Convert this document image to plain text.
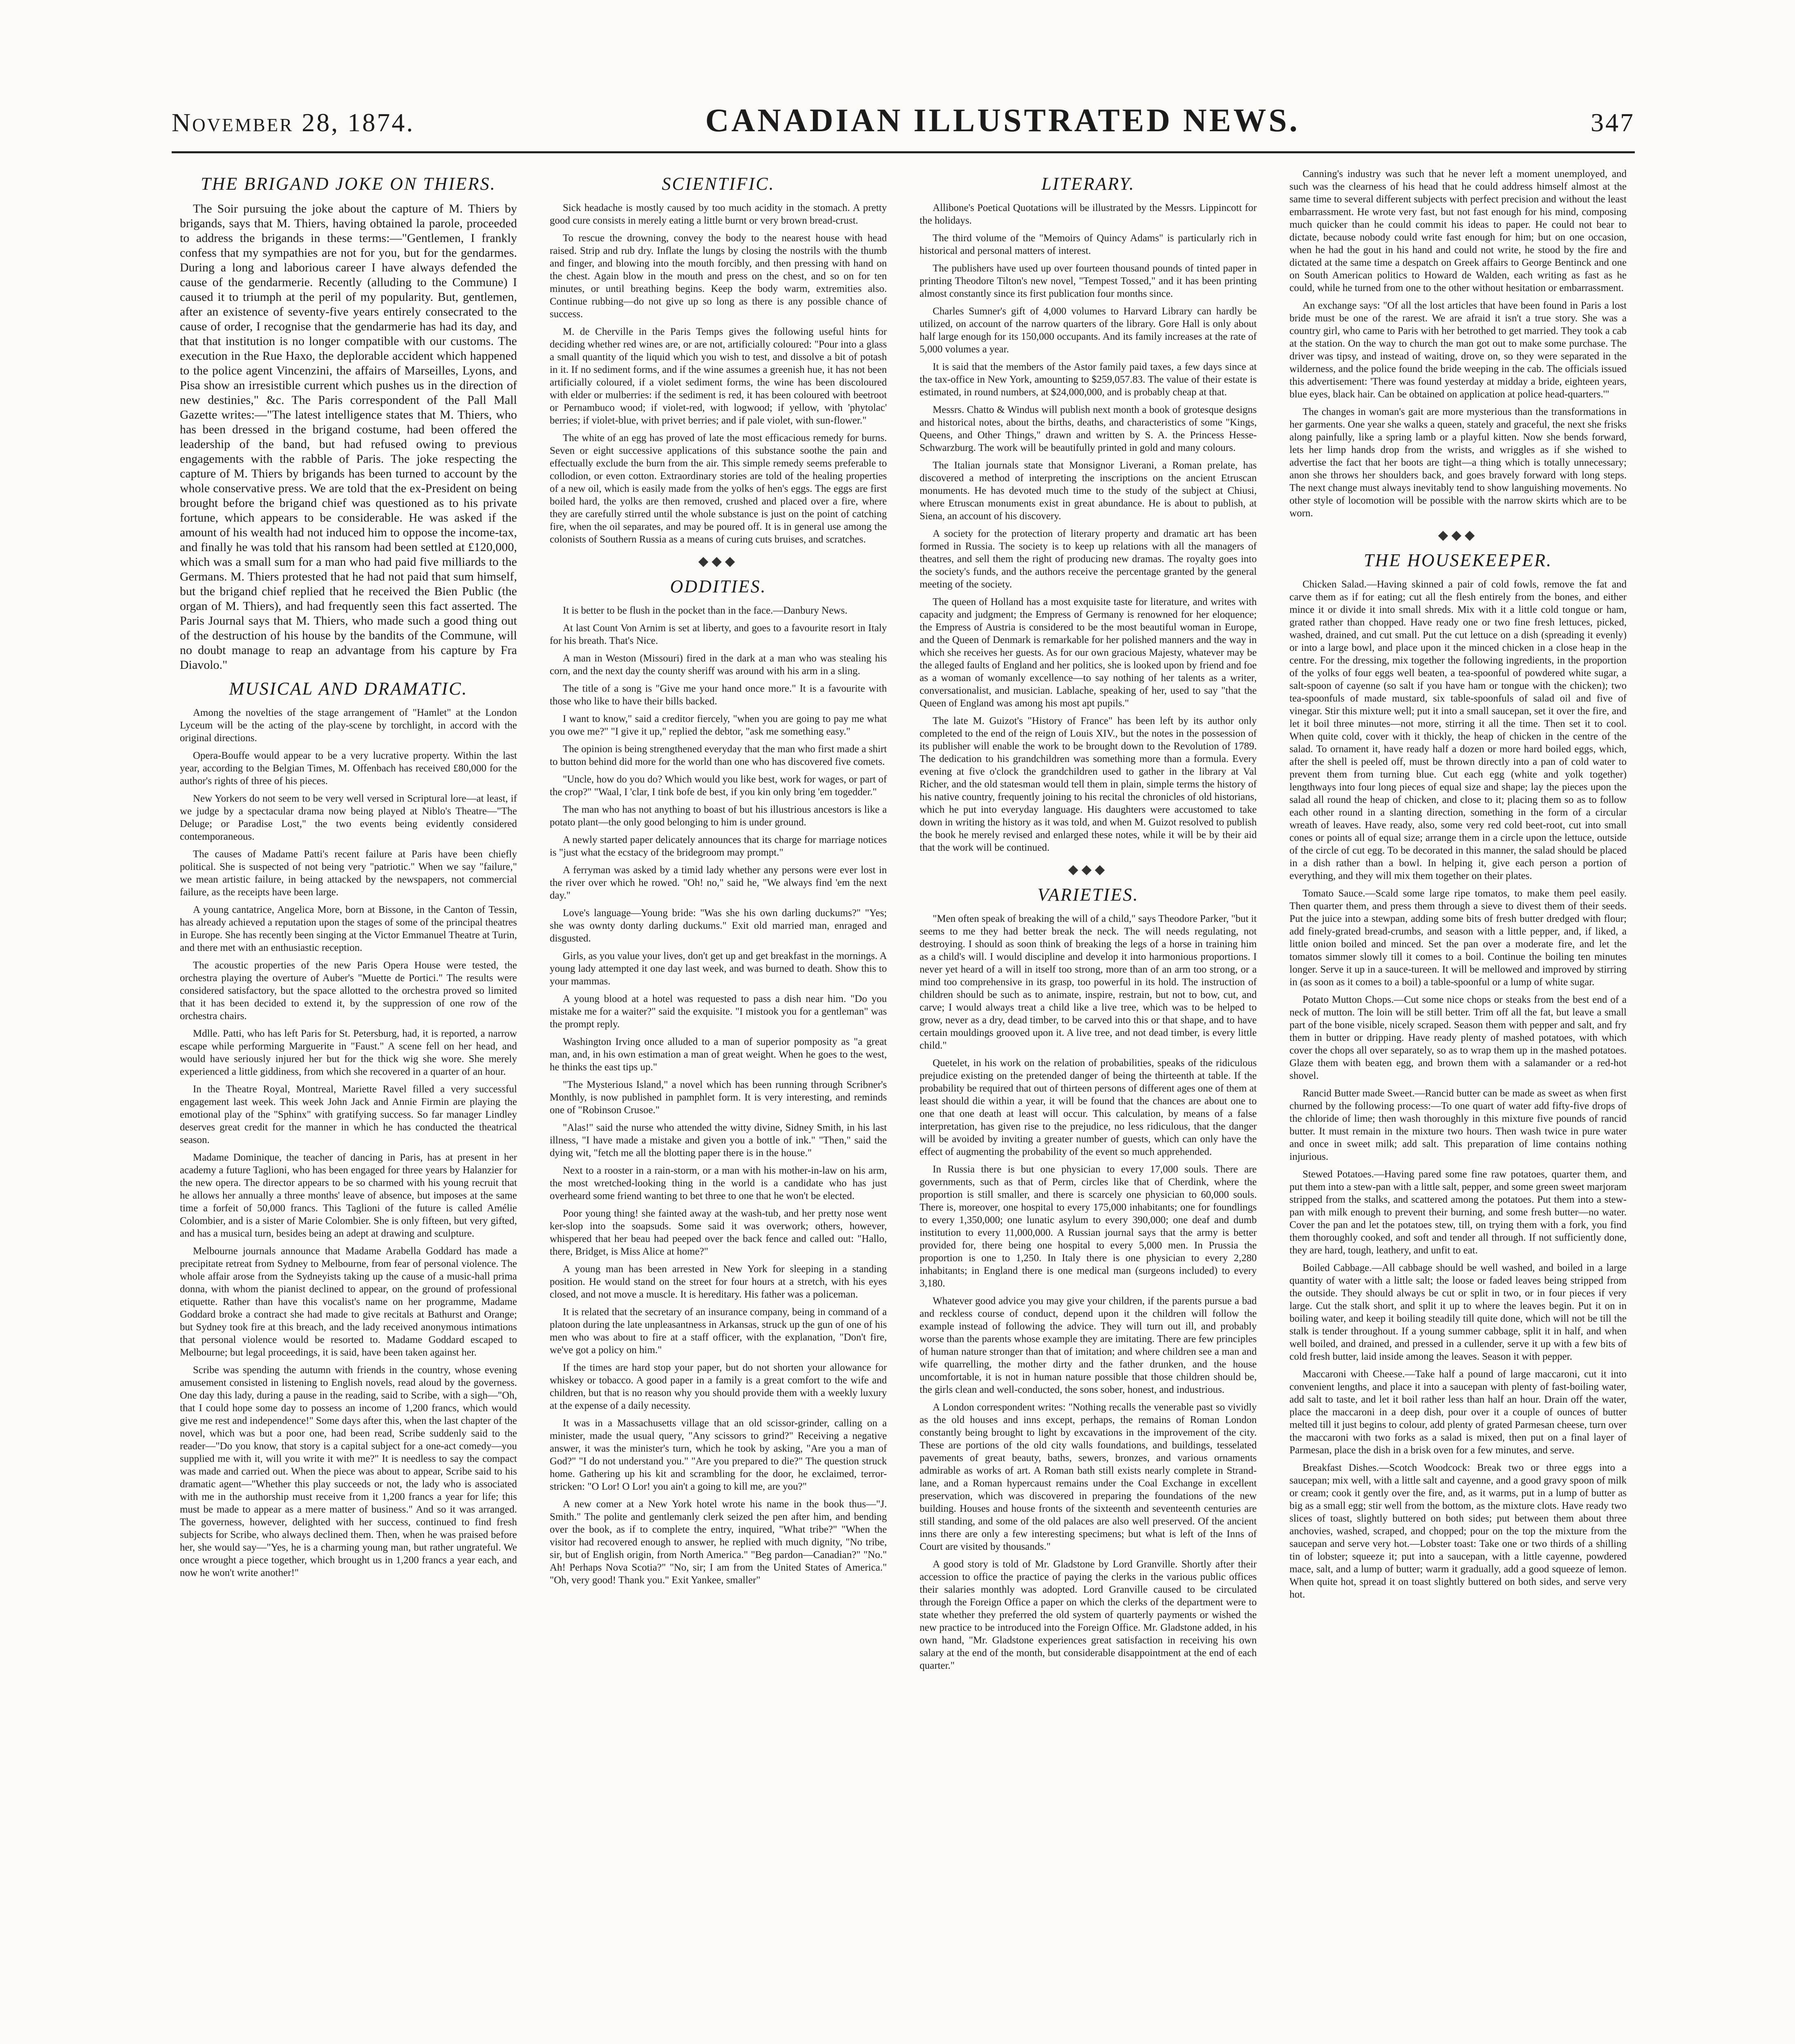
November 28, 1874.	CANADIAN ILLUSTRATED NEWS.	347
THE BRIGAND JOKE ON THIERS.

The Soir pursuing the joke about the capture of M. Thiers by brigands, says that M. Thiers, having obtained la parole, proceeded to address the brigands in these terms:—"Gentlemen, I frankly confess that my sympathies are not for you, but for the gendarmes. During a long and laborious career I have always defended the cause of the gendarmerie. Recently (alluding to the Commune) I caused it to triumph at the peril of my popularity. But, gentlemen, after an existence of seventy-five years entirely consecrated to the cause of order, I recognise that the gendarmerie has had its day, and that that institution is no longer compatible with our customs. The execution in the Rue Haxo, the deplorable accident which happened to the police agent Vincenzini, the affairs of Marseilles, Lyons, and Pisa show an irresistible current which pushes us in the direction of new destinies," &c. The Paris correspondent of the Pall Mall Gazette writes:—"The latest intelligence states that M. Thiers, who has been dressed in the brigand costume, had been offered the leadership of the band, but had refused owing to previous engagements with the rabble of Paris. The joke respecting the capture of M. Thiers by brigands has been turned to account by the whole conservative press. We are told that the ex-President on being brought before the brigand chief was questioned as to his private fortune, which appears to be considerable. He was asked if the amount of his wealth had not induced him to oppose the income-tax, and finally he was told that his ransom had been settled at £120,000, which was a small sum for a man who had paid five milliards to the Germans. M. Thiers protested that he had not paid that sum himself, but the brigand chief replied that he received the Bien Public (the organ of M. Thiers), and had frequently seen this fact asserted. The Paris Journal says that M. Thiers, who made such a good thing out of the destruction of his house by the bandits of the Commune, will no doubt manage to reap an advantage from his capture by Fra Diavolo."

MUSICAL AND DRAMATIC.

Among the novelties of the stage arrangement of "Hamlet" at the London Lyceum will be the acting of the play-scene by torchlight, in accord with the original directions.

Opera-Bouffe would appear to be a very lucrative property. Within the last year, according to the Belgian Times, M. Offenbach has received £80,000 for the author's rights of three of his pieces.

New Yorkers do not seem to be very well versed in Scriptural lore—at least, if we judge by a spectacular drama now being played at Niblo's Theatre—"The Deluge; or Paradise Lost," the two events being evidently considered contemporaneous.

The causes of Madame Patti's recent failure at Paris have been chiefly political. She is suspected of not being very "patriotic." When we say "failure," we mean artistic failure, in being attacked by the newspapers, not commercial failure, as the receipts have been large.

A young cantatrice, Angelica More, born at Bissone, in the Canton of Tessin, has already achieved a reputation upon the stages of some of the principal theatres in Europe. She has recently been singing at the Victor Emmanuel Theatre at Turin, and there met with an enthusiastic reception.

The acoustic properties of the new Paris Opera House were tested, the orchestra playing the overture of Auber's "Muette de Portici." The results were considered satisfactory, but the space allotted to the orchestra proved so limited that it has been decided to extend it, by the suppression of one row of the orchestra chairs.

Mdlle. Patti, who has left Paris for St. Petersburg, had, it is reported, a narrow escape while performing Marguerite in "Faust." A scene fell on her head, and would have seriously injured her but for the thick wig she wore. She merely experienced a little giddiness, from which she recovered in a quarter of an hour.

In the Theatre Royal, Montreal, Mariette Ravel filled a very successful engagement last week. This week John Jack and Annie Firmin are playing the emotional play of the "Sphinx" with gratifying success. So far manager Lindley deserves great credit for the manner in which he has conducted the theatrical season.

Madame Dominique, the teacher of dancing in Paris, has at present in her academy a future Taglioni, who has been engaged for three years by Halanzier for the new opera. The director appears to be so charmed with his young recruit that he allows her annually a three months' leave of absence, but imposes at the same time a forfeit of 50,000 francs. This Taglioni of the future is called Amélie Colombier, and is a sister of Marie Colombier. She is only fifteen, but very gifted, and has a musical turn, besides being an adept at drawing and sculpture.

Melbourne journals announce that Madame Arabella Goddard has made a precipitate retreat from Sydney to Melbourne, from fear of personal violence. The whole affair arose from the Sydneyists taking up the cause of a music-hall prima donna, with whom the pianist declined to appear, on the ground of professional etiquette. Rather than have this vocalist's name on her programme, Madame Goddard broke a contract she had made to give recitals at Bathurst and Orange; but Sydney took fire at this breach, and the lady received anonymous intimations that personal violence would be resorted to. Madame Goddard escaped to Melbourne; but legal proceedings, it is said, have been taken against her.

Scribe was spending the autumn with friends in the country, whose evening amusement consisted in listening to English novels, read aloud by the governess. One day this lady, during a pause in the reading, said to Scribe, with a sigh—"Oh, that I could hope some day to possess an income of 1,200 francs, which would give me rest and independence!" Some days after this, when the last chapter of the novel, which was but a poor one, had been read, Scribe suddenly said to the reader—"Do you know, that story is a capital subject for a one-act comedy—you supplied me with it, will you write it with me?" It is needless to say the compact was made and carried out. When the piece was about to appear, Scribe said to his dramatic agent—"Whether this play succeeds or not, the lady who is associated with me in the authorship must receive from it 1,200 francs a year for life; this must be made to appear as a mere matter of business." And so it was arranged. The governess, however, delighted with her success, continued to find fresh subjects for Scribe, who always declined them. Then, when he was praised before her, she would say—"Yes, he is a charming young man, but rather ungrateful. We once wrought a piece together, which brought us in 1,200 francs a year each, and now he won't write another!"

SCIENTIFIC.

Sick headache is mostly caused by too much acidity in the stomach. A pretty good cure consists in merely eating a little burnt or very brown bread-crust.

To rescue the drowning, convey the body to the nearest house with head raised. Strip and rub dry. Inflate the lungs by closing the nostrils with the thumb and finger, and blowing into the mouth forcibly, and then pressing with hand on the chest. Again blow in the mouth and press on the chest, and so on for ten minutes, or until breathing begins. Keep the body warm, extremities also. Continue rubbing—do not give up so long as there is any possible chance of success.

M. de Cherville in the Paris Temps gives the following useful hints for deciding whether red wines are, or are not, artificially coloured: "Pour into a glass a small quantity of the liquid which you wish to test, and dissolve a bit of potash in it. If no sediment forms, and if the wine assumes a greenish hue, it has not been artificially coloured, if a violet sediment forms, the wine has been discoloured with elder or mulberries: if the sediment is red, it has been coloured with beetroot or Pernambuco wood; if violet-red, with logwood; if yellow, with 'phytolac' berries; if violet-blue, with privet berries; and if pale violet, with sun-flower."

The white of an egg has proved of late the most efficacious remedy for burns. Seven or eight successive applications of this substance soothe the pain and effectually exclude the burn from the air. This simple remedy seems preferable to collodion, or even cotton. Extraordinary stories are told of the healing properties of a new oil, which is easily made from the yolks of hen's eggs. The eggs are first boiled hard, the yolks are then removed, crushed and placed over a fire, where they are carefully stirred until the whole substance is just on the point of catching fire, when the oil separates, and may be poured off. It is in general use among the colonists of Southern Russia as a means of curing cuts bruises, and scratches.

◆◆◆
ODDITIES.

It is better to be flush in the pocket than in the face.—Danbury News.

At last Count Von Arnim is set at liberty, and goes to a favourite resort in Italy for his breath. That's Nice.

A man in Weston (Missouri) fired in the dark at a man who was stealing his corn, and the next day the county sheriff was around with his arm in a sling.

The title of a song is "Give me your hand once more." It is a favourite with those who like to have their bills backed.

I want to know," said a creditor fiercely, "when you are going to pay me what you owe me?" "I give it up," replied the debtor, "ask me something easy."

The opinion is being strengthened everyday that the man who first made a shirt to button behind did more for the world than one who has discovered five comets.

"Uncle, how do you do? Which would you like best, work for wages, or part of the crop?" "Waal, I 'clar, I tink bofe de best, if you kin only bring 'em togedder."

The man who has not anything to boast of but his illustrious ancestors is like a potato plant—the only good belonging to him is under ground.

A newly started paper delicately announces that its charge for marriage notices is "just what the ecstacy of the bridegroom may prompt."

A ferryman was asked by a timid lady whether any persons were ever lost in the river over which he rowed. "Oh! no," said he, "We always find 'em the next day."

Love's language—Young bride: "Was she his own darling duckums?" "Yes; she was ownty donty darling duckums." Exit old married man, enraged and disgusted.

Girls, as you value your lives, don't get up and get breakfast in the mornings. A young lady attempted it one day last week, and was burned to death. Show this to your mammas.

A young blood at a hotel was requested to pass a dish near him. "Do you mistake me for a waiter?" said the exquisite. "I mistook you for a gentleman" was the prompt reply.

Washington Irving once alluded to a man of superior pomposity as "a great man, and, in his own estimation a man of great weight. When he goes to the west, he thinks the east tips up."

"The Mysterious Island," a novel which has been running through Scribner's Monthly, is now published in pamphlet form. It is very interesting, and reminds one of "Robinson Crusoe."

"Alas!" said the nurse who attended the witty divine, Sidney Smith, in his last illness, "I have made a mistake and given you a bottle of ink." "Then," said the dying wit, "fetch me all the blotting paper there is in the house."

Next to a rooster in a rain-storm, or a man with his mother-in-law on his arm, the most wretched-looking thing in the world is a candidate who has just overheard some friend wanting to bet three to one that he won't be elected.

Poor young thing! she fainted away at the wash-tub, and her pretty nose went ker-slop into the soapsuds. Some said it was overwork; others, however, whispered that her beau had peeped over the back fence and called out: "Hallo, there, Bridget, is Miss Alice at home?"

A young man has been arrested in New York for sleeping in a standing position. He would stand on the street for four hours at a stretch, with his eyes closed, and not move a muscle. It is hereditary. His father was a policeman.

It is related that the secretary of an insurance company, being in command of a platoon during the late unpleasantness in Arkansas, struck up the gun of one of his men who was about to fire at a staff officer, with the explanation, "Don't fire, we've got a policy on him."

If the times are hard stop your paper, but do not shorten your allowance for whiskey or tobacco. A good paper in a family is a great comfort to the wife and children, but that is no reason why you should provide them with a weekly luxury at the expense of a daily necessity.

It was in a Massachusetts village that an old scissor-grinder, calling on a minister, made the usual query, "Any scissors to grind?" Receiving a negative answer, it was the minister's turn, which he took by asking, "Are you a man of God?" "I do not understand you." "Are you prepared to die?" The question struck home. Gathering up his kit and scrambling for the door, he exclaimed, terror-stricken: "O Lor! O Lor! you ain't a going to kill me, are you?"

A new comer at a New York hotel wrote his name in the book thus—"J. Smith." The polite and gentlemanly clerk seized the pen after him, and bending over the book, as if to complete the entry, inquired, "What tribe?" "When the visitor had recovered enough to answer, he replied with much dignity, "No tribe, sir, but of English origin, from North America." "Beg pardon—Canadian?" "No." Ah! Perhaps Nova Scotia?" "No, sir; I am from the United States of America." "Oh, very good! Thank you." Exit Yankee, smaller"

LITERARY.

Allibone's Poetical Quotations will be illustrated by the Messrs. Lippincott for the holidays.

The third volume of the "Memoirs of Quincy Adams" is particularly rich in historical and personal matters of interest.

The publishers have used up over fourteen thousand pounds of tinted paper in printing Theodore Tilton's new novel, "Tempest Tossed," and it has been printing almost constantly since its first publication four months since.

Charles Sumner's gift of 4,000 volumes to Harvard Library can hardly be utilized, on account of the narrow quarters of the library. Gore Hall is only about half large enough for its 150,000 occupants. And its family increases at the rate of 5,000 volumes a year.

It is said that the members of the Astor family paid taxes, a few days since at the tax-office in New York, amounting to $259,057.83. The value of their estate is estimated, in round numbers, at $24,000,000, and is probably cheap at that.

Messrs. Chatto & Windus will publish next month a book of grotesque designs and historical notes, about the births, deaths, and characteristics of some "Kings, Queens, and Other Things," drawn and written by S. A. the Princess Hesse-Schwarzburg. The work will be beautifully printed in gold and many colours.

The Italian journals state that Monsignor Liverani, a Roman prelate, has discovered a method of interpreting the inscriptions on the ancient Etruscan monuments. He has devoted much time to the study of the subject at Chiusi, where Etruscan monuments exist in great abundance. He is about to publish, at Siena, an account of his discovery.

A society for the protection of literary property and dramatic art has been formed in Russia. The society is to keep up relations with all the managers of theatres, and sell them the right of producing new dramas. The royalty goes into the society's funds, and the authors receive the percentage granted by the general meeting of the society.

The queen of Holland has a most exquisite taste for literature, and writes with capacity and judgment; the Empress of Germany is renowned for her eloquence; the Empress of Austria is considered to be the most beautiful woman in Europe, and the Queen of Denmark is remarkable for her polished manners and the way in which she receives her guests. As for our own gracious Majesty, whatever may be the alleged faults of England and her politics, she is looked upon by friend and foe as a woman of womanly excellence—to say nothing of her talents as a writer, conversationalist, and musician. Lablache, speaking of her, used to say "that the Queen of England was among his most apt pupils."

The late M. Guizot's "History of France" has been left by its author only completed to the end of the reign of Louis XIV., but the notes in the possession of its publisher will enable the work to be brought down to the Revolution of 1789. The dedication to his grandchildren was something more than a formula. Every evening at five o'clock the grandchildren used to gather in the library at Val Richer, and the old statesman would tell them in plain, simple terms the history of his native country, frequently joining to his recital the chronicles of old historians, which he put into everyday language. His daughters were accustomed to take down in writing the history as it was told, and when M. Guizot resolved to publish the book he merely revised and enlarged these notes, while it will be by their aid that the work will be continued.

◆◆◆
VARIETIES.

"Men often speak of breaking the will of a child," says Theodore Parker, "but it seems to me they had better break the neck. The will needs regulating, not destroying. I should as soon think of breaking the legs of a horse in training him as a child's will. I would discipline and develop it into harmonious proportions. I never yet heard of a will in itself too strong, more than of an arm too strong, or a mind too comprehensive in its grasp, too powerful in its hold. The instruction of children should be such as to animate, inspire, restrain, but not to bow, cut, and carve; I would always treat a child like a live tree, which was to be helped to grow, never as a dry, dead timber, to be carved into this or that shape, and to have certain mouldings grooved upon it. A live tree, and not dead timber, is every little child."

Quetelet, in his work on the relation of probabilities, speaks of the ridiculous prejudice existing on the pretended danger of being the thirteenth at table. If the probability be required that out of thirteen persons of different ages one of them at least should die within a year, it will be found that the chances are about one to one that one death at least will occur. This calculation, by means of a false interpretation, has given rise to the prejudice, no less ridiculous, that the danger will be avoided by inviting a greater number of guests, which can only have the effect of augmenting the probability of the event so much apprehended.

In Russia there is but one physician to every 17,000 souls. There are governments, such as that of Perm, circles like that of Cherdink, where the proportion is still smaller, and there is scarcely one physician to 60,000 souls. There is, moreover, one hospital to every 175,000 inhabitants; one for foundlings to every 1,350,000; one lunatic asylum to every 390,000; one deaf and dumb institution to every 11,000,000. A Russian journal says that the army is better provided for, there being one hospital to every 5,000 men. In Prussia the proportion is one to 1,250. In Italy there is one physician to every 2,280 inhabitants; in England there is one medical man (surgeons included) to every 3,180.

Whatever good advice you may give your children, if the parents pursue a bad and reckless course of conduct, depend upon it the children will follow the example instead of following the advice. They will turn out ill, and probably worse than the parents whose example they are imitating. There are few principles of human nature stronger than that of imitation; and where children see a man and wife quarrelling, the mother dirty and the father drunken, and the house uncomfortable, it is not in human nature possible that those children should be, the girls clean and well-conducted, the sons sober, honest, and industrious.

A London correspondent writes: "Nothing recalls the venerable past so vividly as the old houses and inns except, perhaps, the remains of Roman London constantly being brought to light by excavations in the improvement of the city. These are portions of the old city walls foundations, and buildings, tesselated pavements of great beauty, baths, sewers, bronzes, and various ornaments admirable as works of art. A Roman bath still exists nearly complete in Strand-lane, and a Roman hypercaust remains under the Coal Exchange in excellent preservation, which was discovered in preparing the foundations of the new building. Houses and house fronts of the sixteenth and seventeenth centuries are still standing, and some of the old palaces are also well preserved. Of the ancient inns there are only a few interesting specimens; but what is left of the Inns of Court are visited by thousands."

A good story is told of Mr. Gladstone by Lord Granville. Shortly after their accession to office the practice of paying the clerks in the various public offices their salaries monthly was adopted. Lord Granville caused to be circulated through the Foreign Office a paper on which the clerks of the department were to state whether they preferred the old system of quarterly payments or wished the new practice to be introduced into the Foreign Office. Mr. Gladstone added, in his own hand, "Mr. Gladstone experiences great satisfaction in receiving his own salary at the end of the month, but considerable disappointment at the end of each quarter."

Canning's industry was such that he never left a moment unemployed, and such was the clearness of his head that he could address himself almost at the same time to several different subjects with perfect precision and without the least embarrassment. He wrote very fast, but not fast enough for his mind, composing much quicker than he could commit his ideas to paper. He could not bear to dictate, because nobody could write fast enough for him; but on one occasion, when he had the gout in his hand and could not write, he stood by the fire and dictated at the same time a despatch on Greek affairs to George Bentinck and one on South American politics to Howard de Walden, each writing as fast as he could, while he turned from one to the other without hesitation or embarrassment.

An exchange says: "Of all the lost articles that have been found in Paris a lost bride must be one of the rarest. We are afraid it isn't a true story. She was a country girl, who came to Paris with her betrothed to get married. They took a cab at the station. On the way to church the man got out to make some purchase. The driver was tipsy, and instead of waiting, drove on, so they were separated in the wilderness, and the police found the bride weeping in the cab. The officials issued this advertisement: 'There was found yesterday at midday a bride, eighteen years, blue eyes, black hair. Can be obtained on application at police head-quarters.'"

The changes in woman's gait are more mysterious than the transformations in her garments. One year she walks a queen, stately and graceful, the next she frisks along painfully, like a spring lamb or a playful kitten. Now she bends forward, lets her limp hands drop from the wrists, and wriggles as if she wished to advertise the fact that her boots are tight—a thing which is totally unnecessary; anon she throws her shoulders back, and goes bravely forward with long steps. The next change must always inevitably tend to show languishing movements. No other style of locomotion will be possible with the narrow skirts which are to be worn.

◆◆◆
THE HOUSEKEEPER.

Chicken Salad.—Having skinned a pair of cold fowls, remove the fat and carve them as if for eating; cut all the flesh entirely from the bones, and either mince it or divide it into small shreds. Mix with it a little cold tongue or ham, grated rather than chopped. Have ready one or two fine fresh lettuces, picked, washed, drained, and cut small. Put the cut lettuce on a dish (spreading it evenly) or into a large bowl, and place upon it the minced chicken in a close heap in the centre. For the dressing, mix together the following ingredients, in the proportion of the yolks of four eggs well beaten, a tea-spoonful of powdered white sugar, a salt-spoon of cayenne (so salt if you have ham or tongue with the chicken); two tea-spoonfuls of made mustard, six table-spoonfuls of salad oil and five of vinegar. Stir this mixture well; put it into a small saucepan, set it over the fire, and let it boil three minutes—not more, stirring it all the time. Then set it to cool. When quite cold, cover with it thickly, the heap of chicken in the centre of the salad. To ornament it, have ready half a dozen or more hard boiled eggs, which, after the shell is peeled off, must be thrown directly into a pan of cold water to prevent them from turning blue. Cut each egg (white and yolk together) lengthways into four long pieces of equal size and shape; lay the pieces upon the salad all round the heap of chicken, and close to it; placing them so as to follow each other round in a slanting direction, something in the form of a circular wreath of leaves. Have ready, also, some very red cold beet-root, cut into small cones or points all of equal size; arrange them in a circle upon the lettuce, outside of the circle of cut egg. To be decorated in this manner, the salad should be placed in a dish rather than a bowl. In helping it, give each person a portion of everything, and they will mix them together on their plates.

Tomato Sauce.—Scald some large ripe tomatos, to make them peel easily. Then quarter them, and press them through a sieve to divest them of their seeds. Put the juice into a stewpan, adding some bits of fresh butter dredged with flour; add finely-grated bread-crumbs, and season with a little pepper, and, if liked, a little onion boiled and minced. Set the pan over a moderate fire, and let the tomatos simmer slowly till it comes to a boil. Continue the boiling ten minutes longer. Serve it up in a sauce-tureen. It will be mellowed and improved by stirring in (as soon as it comes to a boil) a table-spoonful or a lump of white sugar.

Potato Mutton Chops.—Cut some nice chops or steaks from the best end of a neck of mutton. The loin will be still better. Trim off all the fat, but leave a small part of the bone visible, nicely scraped. Season them with pepper and salt, and fry them in butter or dripping. Have ready plenty of mashed potatoes, with which cover the chops all over separately, so as to wrap them up in the mashed potatoes. Glaze them with beaten egg, and brown them with a salamander or a red-hot shovel.

Rancid Butter made Sweet.—Rancid butter can be made as sweet as when first churned by the following process:—To one quart of water add fifty-five drops of the chloride of lime; then wash thoroughly in this mixture five pounds of rancid butter. It must remain in the mixture two hours. Then wash twice in pure water and once in sweet milk; add salt. This preparation of lime contains nothing injurious.

Stewed Potatoes.—Having pared some fine raw potatoes, quarter them, and put them into a stew-pan with a little salt, pepper, and some green sweet marjoram stripped from the stalks, and scattered among the potatoes. Put them into a stew-pan with milk enough to prevent their burning, and some fresh butter—no water. Cover the pan and let the potatoes stew, till, on trying them with a fork, you find them thoroughly cooked, and soft and tender all through. If not sufficiently done, they are hard, tough, leathery, and unfit to eat.

Boiled Cabbage.—All cabbage should be well washed, and boiled in a large quantity of water with a little salt; the loose or faded leaves being stripped from the outside. They should always be cut or split in two, or in four pieces if very large. Cut the stalk short, and split it up to where the leaves begin. Put it on in boiling water, and keep it boiling steadily till quite done, which will not be till the stalk is tender throughout. If a young summer cabbage, split it in half, and when well boiled, and drained, and pressed in a cullender, serve it up with a few bits of cold fresh butter, laid inside among the leaves. Season it with pepper.

Maccaroni with Cheese.—Take half a pound of large maccaroni, cut it into convenient lengths, and place it into a saucepan with plenty of fast-boiling water, add salt to taste, and let it boil rather less than half an hour. Drain off the water, place the maccaroni in a deep dish, pour over it a couple of ounces of butter melted till it just begins to colour, add plenty of grated Parmesan cheese, turn over the maccaroni with two forks as a salad is mixed, then put on a final layer of Parmesan, place the dish in a brisk oven for a few minutes, and serve.

Breakfast Dishes.—Scotch Woodcock: Break two or three eggs into a saucepan; mix well, with a little salt and cayenne, and a good gravy spoon of milk or cream; cook it gently over the fire, and, as it warms, put in a lump of butter as big as a small egg; stir well from the bottom, as the mixture clots. Have ready two slices of toast, slightly buttered on both sides; put between them about three anchovies, washed, scraped, and chopped; pour on the top the mixture from the saucepan and serve very hot.—Lobster toast: Take one or two thirds of a shilling tin of lobster; squeeze it; put into a saucepan, with a little cayenne, powdered mace, salt, and a lump of butter; warm it gradually, add a good squeeze of lemon. When quite hot, spread it on toast slightly buttered on both sides, and serve very hot.
